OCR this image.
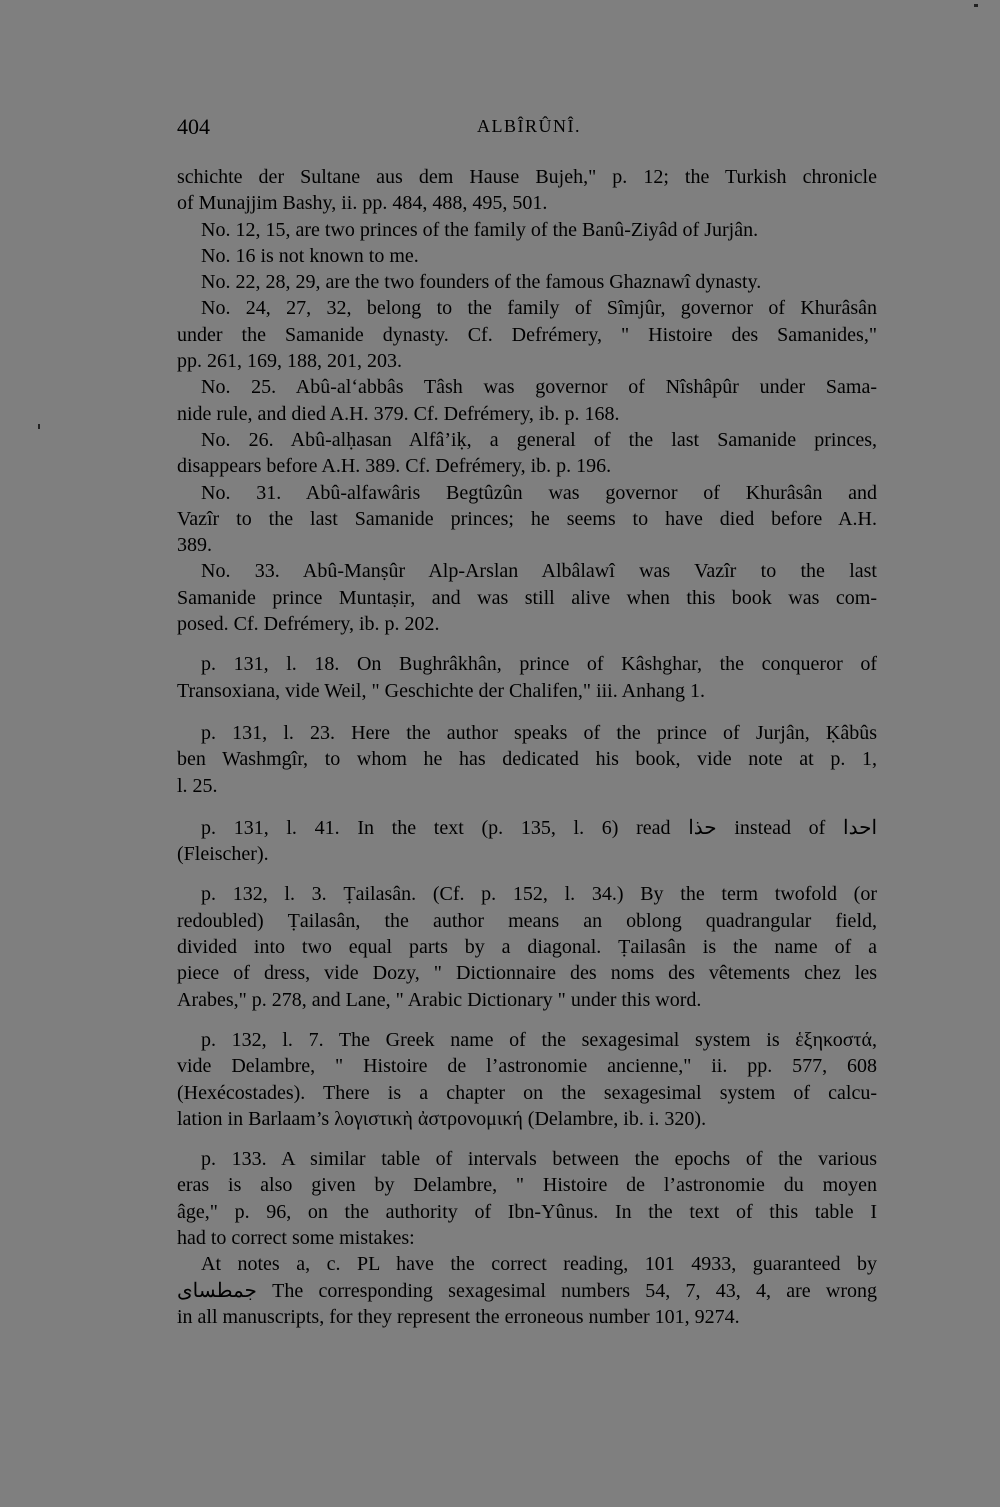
404	ALBÎRÛNÎ.
schichte der Sultane aus dem Hause Bujeh," p. 12; the Turkish chronicle
of Munajjim Bashy, ii. pp. 484, 488, 495, 501.
No. 12, 15, are two princes of the family of the Banû-Ziyâd of Jurjân.
No. 16 is not known to me.
No. 22, 28, 29, are the two founders of the famous Ghaznawî dynasty.
No. 24, 27, 32, belong to the family of Sîmjûr, governor of Khurâsân
under the Samanide dynasty. Cf. Defrémery, " Histoire des Samanides,"
pp. 261, 169, 188, 201, 203.
No. 25. Abû-al‘abbâs Tâsh was governor of Nîshâpûr under Sama-
nide rule, and died A.H. 379. Cf. Defrémery, ib. p. 168.
No. 26. Abû-alḥasan Alfâ’iḳ, a general of the last Samanide princes,
disappears before A.H. 389. Cf. Defrémery, ib. p. 196.
No. 31. Abû-alfawâris Begtûzûn was governor of Khurâsân and
Vazîr to the last Samanide princes; he seems to have died before A.H.
389.
No. 33. Abû-Manṣûr Alp-Arslan Albâlawî was Vazîr to the last
Samanide prince Muntaṣir, and was still alive when this book was com-
posed. Cf. Defrémery, ib. p. 202.
p. 131, l. 18. On Bughrâkhân, prince of Kâshghar, the conqueror of
Transoxiana, vide Weil, " Geschichte der Chalifen," iii. Anhang 1.
p. 131, l. 23. Here the author speaks of the prince of Jurjân, Ḳâbûs
ben Washmgîr, to whom he has dedicated his book, vide note at p. 1,
l. 25.
p. 131, l. 41. In the text (p. 135, l. 6) read حذا instead of احدا
(Fleischer).
p. 132, l. 3. Ṭailasân. (Cf. p. 152, l. 34.) By the term twofold (or
redoubled) Ṭailasân, the author means an oblong quadrangular field,
divided into two equal parts by a diagonal. Ṭailasân is the name of a
piece of dress, vide Dozy, " Dictionnaire des noms des vêtements chez les
Arabes," p. 278, and Lane, " Arabic Dictionary " under this word.
p. 132, l. 7. The Greek name of the sexagesimal system is ἑξηκοστά,
vide Delambre, " Histoire de l’astronomie ancienne," ii. pp. 577, 608
(Hexécostades). There is a chapter on the sexagesimal system of calcu-
lation in Barlaam’s λογιστικὴ ἀστρονομική (Delambre, ib. i. 320).
p. 133. A similar table of intervals between the epochs of the various
eras is also given by Delambre, " Histoire de l’astronomie du moyen
âge," p. 96, on the authority of Ibn-Yûnus. In the text of this table I
had to correct some mistakes:
At notes a, c. PL have the correct reading, 101 4933, guaranteed by
جمطساى The corresponding sexagesimal numbers 54, 7, 43, 4, are wrong
in all manuscripts, for they represent the erroneous number 101, 9274.
